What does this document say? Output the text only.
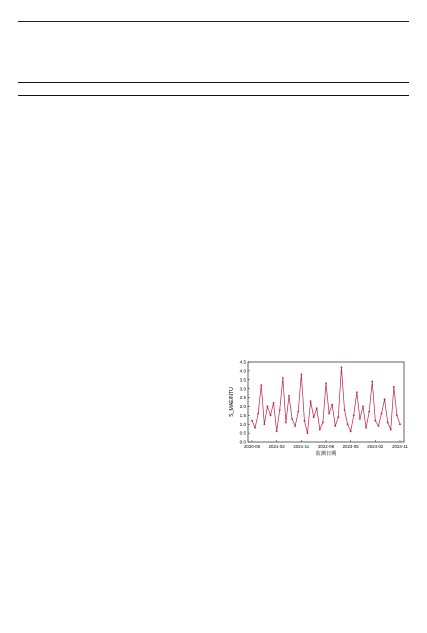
0.0
0.5
1.0
1.5
2.0
2.5
3.0
3.5
4.0
4.5
2020-05 2021-02 2021-11 2022-08 2023-05 2024-02 2024-11
监测日期
S_MAE/NTU
